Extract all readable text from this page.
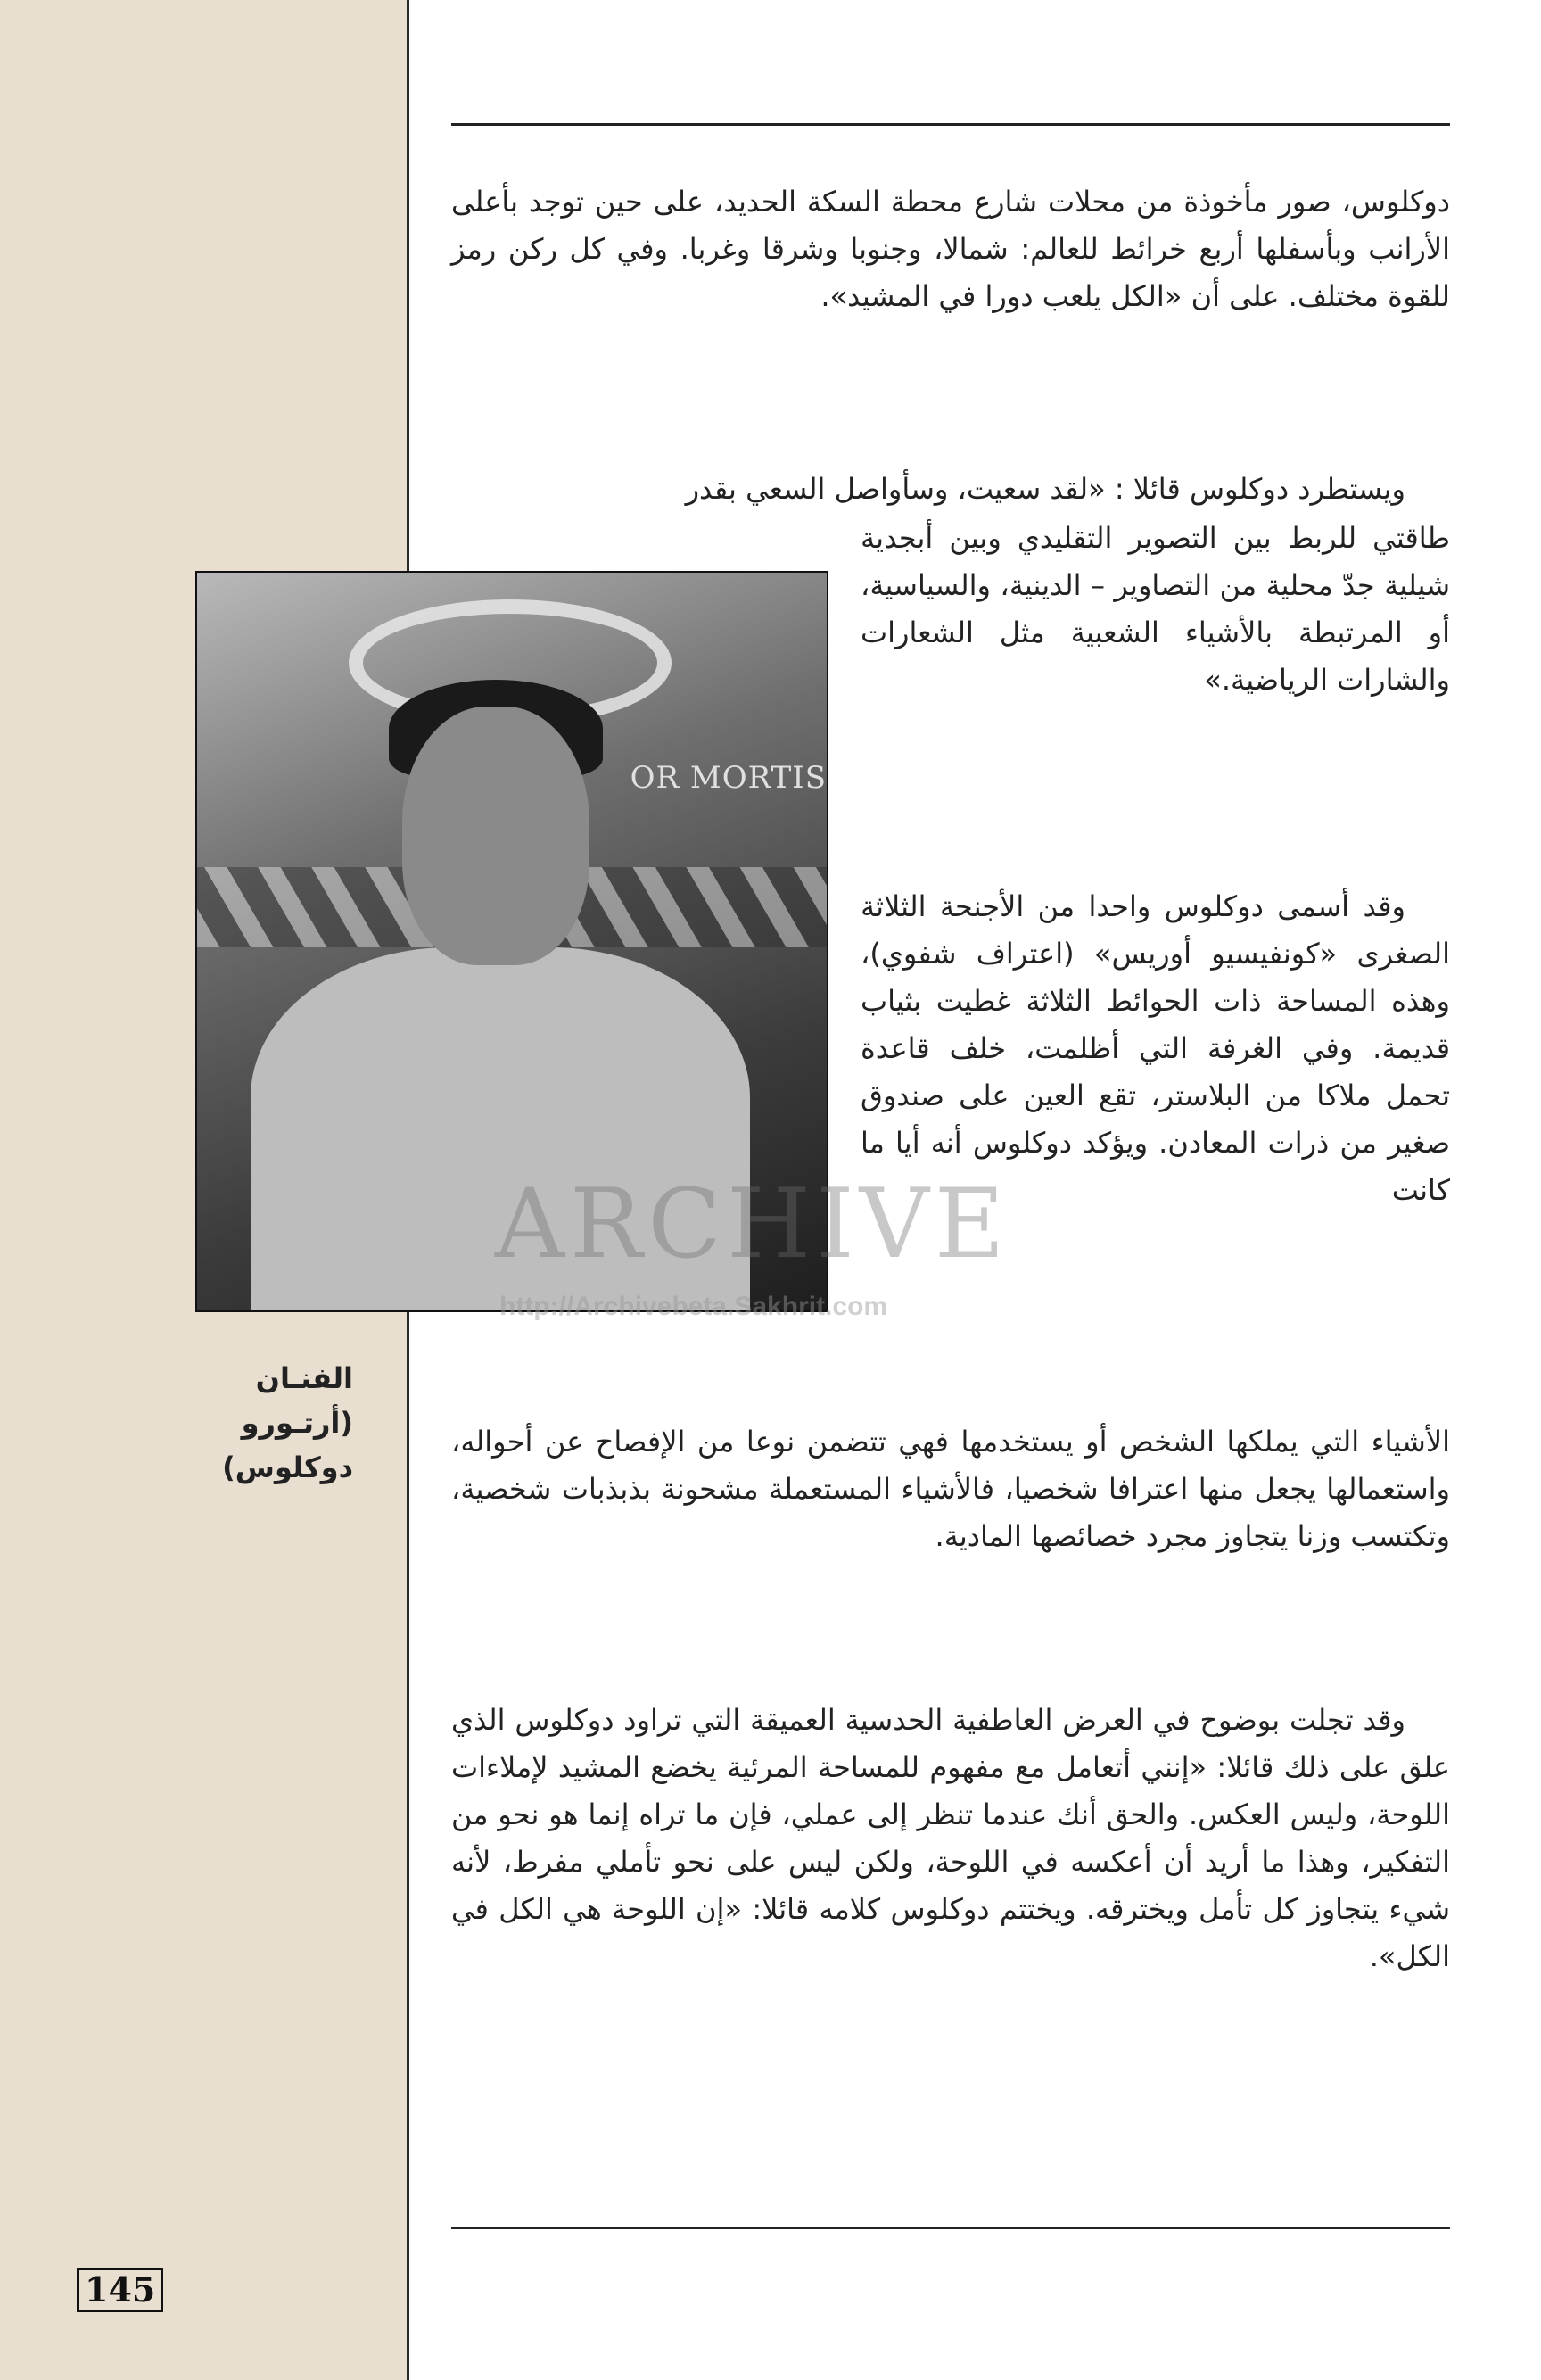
دوكلوس، صور مأخوذة من محلات شارع محطة السكة الحديد، على حين توجد بأعلى الأرانب وبأسفلها أربع خرائط للعالم: شمالا، وجنوبا وشرقا وغربا. وفي كل ركن رمز للقوة مختلف. على أن «الكل يلعب دورا في المشيد».
ويستطرد دوكلوس قائلا : «لقد سعيت، وسأواصل السعي بقدر
طاقتي للربط بين التصوير التقليدي وبين أبجدية شيلية جدّ محلية من التصاوير – الدينية، والسياسية، أو المرتبطة بالأشياء الشعبية مثل الشعارات والشارات الرياضية.»
وقد أسمى دوكلوس واحدا من الأجنحة الثلاثة الصغرى «كونفيسيو أوريس» (اعتراف شفوي)، وهذه المساحة ذات الحوائط الثلاثة غطيت بثياب قديمة. وفي الغرفة التي أظلمت، خلف قاعدة تحمل ملاكا من البلاستر، تقع العين على صندوق صغير من ذرات المعادن. ويؤكد دوكلوس أنه أيا ما كانت
الأشياء التي يملكها الشخص أو يستخدمها فهي تتضمن نوعا من الإفصاح عن أحواله، واستعمالها يجعل منها اعترافا شخصيا، فالأشياء المستعملة مشحونة بذبذبات شخصية، وتكتسب وزنا يتجاوز مجرد خصائصها المادية.
وقد تجلت بوضوح في العرض العاطفية الحدسية العميقة التي تراود دوكلوس الذي علق على ذلك قائلا: «إنني أتعامل مع مفهوم للمساحة المرئية يخضع المشيد لإملاءات اللوحة، وليس العكس. والحق أنك عندما تنظر إلى عملي، فإن ما تراه إنما هو نحو من التفكير، وهذا ما أريد أن أعكسه في اللوحة، ولكن ليس على نحو تأملي مفرط، لأنه شيء يتجاوز كل تأمل ويخترقه. ويختتم دوكلوس كلامه قائلا: «إن اللوحة هي الكل في الكل».
OR MORTIS
الفنـان
(أرتـورو
دوكلوس)
ARCHIVE
http://Archivebeta.Sakhrit.com
145
